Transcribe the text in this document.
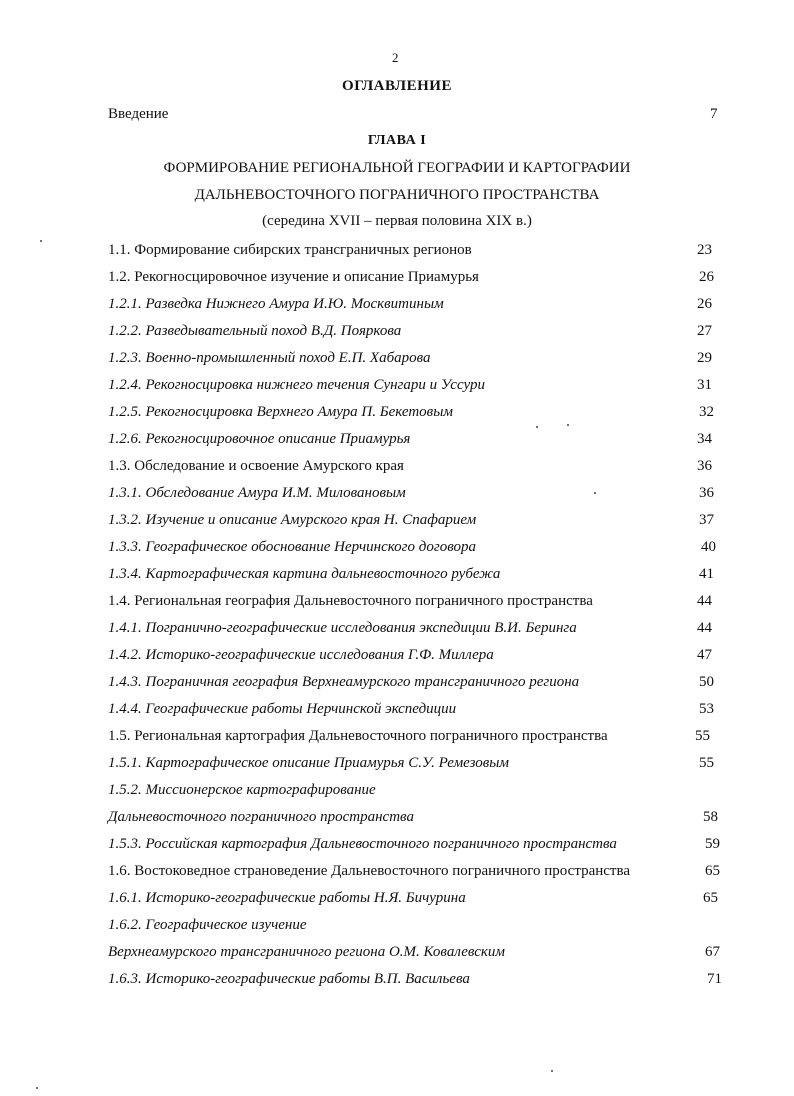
2
ОГЛАВЛЕНИЕ
Введение	7
ГЛАВА I
ФОРМИРОВАНИЕ РЕГИОНАЛЬНОЙ ГЕОГРАФИИ И КАРТОГРАФИИ
ДАЛЬНЕВОСТОЧНОГО ПОГРАНИЧНОГО ПРОСТРАНСТВА
(середина XVII – первая половина XIX в.)
1.1. Формирование сибирских трансграничных регионов	23
1.2. Рекогносцировочное изучение и описание Приамурья	26
1.2.1. Разведка Нижнего Амура И.Ю. Москвитиным	26
1.2.2. Разведывательный поход В.Д. Пояркова	27
1.2.3. Военно-промышленный поход Е.П. Хабарова	29
1.2.4. Рекогносцировка нижнего течения Сунгари и Уссури	31
1.2.5. Рекогносцировка Верхнего Амура П. Бекетовым	32
1.2.6. Рекогносцировочное описание Приамурья	34
1.3. Обследование и освоение Амурского края	36
1.3.1. Обследование Амура И.М. Миловановым	36
1.3.2. Изучение и описание Амурского края Н. Спафарием	37
1.3.3. Географическое обоснование Нерчинского договора	40
1.3.4. Картографическая картина дальневосточного рубежа	41
1.4. Региональная география Дальневосточного пограничного пространства	44
1.4.1. Погранично-географические исследования экспедиции В.И. Беринга	44
1.4.2. Историко-географические исследования Г.Ф. Миллера	47
1.4.3. Пограничная география Верхнеамурского трансграничного региона	50
1.4.4. Географические работы Нерчинской экспедиции	53
1.5. Региональная картография Дальневосточного пограничного пространства	55
1.5.1. Картографическое описание Приамурья С.У. Ремезовым	55
1.5.2. Миссионерское картографирование
Дальневосточного пограничного пространства	58
1.5.3. Российская картография Дальневосточного пограничного пространства	59
1.6. Востоковедное страноведение Дальневосточного пограничного пространства	65
1.6.1. Историко-географические работы Н.Я. Бичурина	65
1.6.2. Географическое изучение
Верхнеамурского трансграничного региона О.М. Ковалевским	67
1.6.3. Историко-географические работы В.П. Васильева	71
